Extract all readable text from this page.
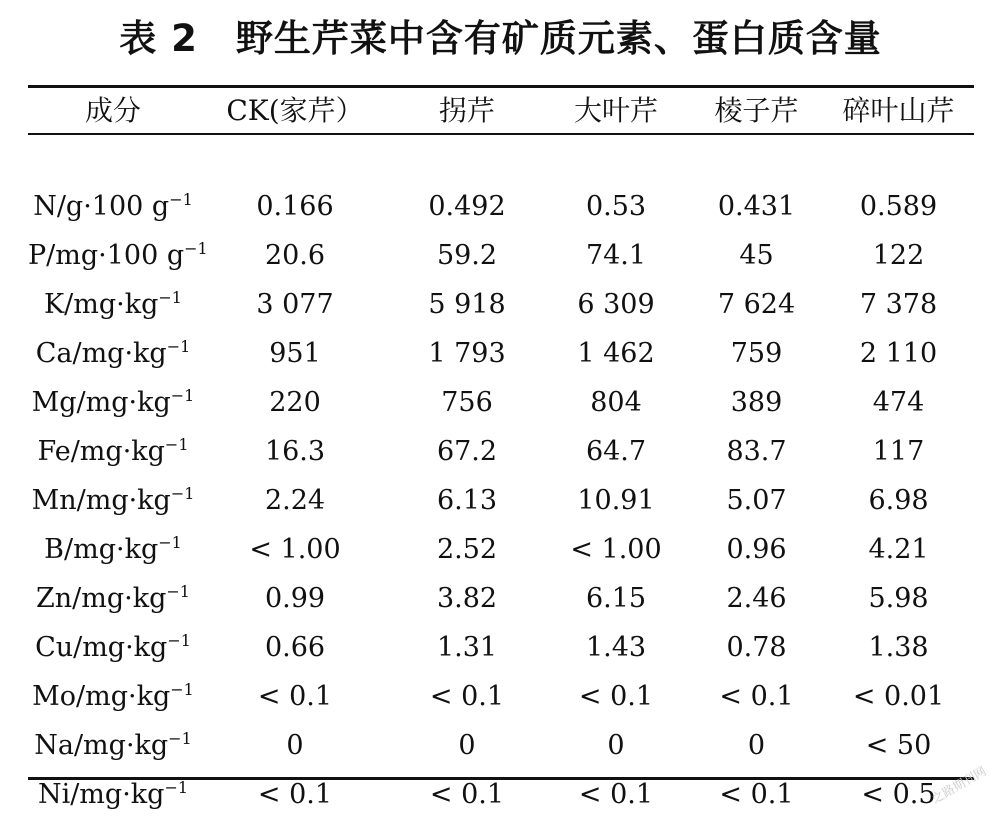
表 2　野生芹菜中含有矿质元素、蛋白质含量
成分	CK(家芹）	拐芹	大叶芹	棱子芹	碎叶山芹

N/g·100 $g^{-1}$	0.166	0.492	0.53	0.431	0.589
P/mg·100 $g^{-1}$	20.6	59.2	74.1	45	122
$K/mg\cdot kg^{-1}$	3 077	5 918	6 309	7 624	7 378
$Ca/mg\cdot kg^{-1}$	951	1 793	1 462	759	2 110
$Mg/mg\cdot kg^{-1}$	220	756	804	389	474
$Fe/mg\cdot kg^{-1}$	16.3	67.2	64.7	83.7	117
$Mn/mg\cdot kg^{-1}$	2.24	6.13	10.91	5.07	6.98
$B/mg\cdot kg^{-1}$	< 1.00	2.52	< 1.00	0.96	4.21
$Zn/mg\cdot kg^{-1}$	0.99	3.82	6.15	2.46	5.98
$Cu/mg\cdot kg^{-1}$	0.66	1.31	1.43	0.78	1.38
$Mo/mg\cdot kg^{-1}$	< 0.1	< 0.1	< 0.1	< 0.1	< 0.01
$Na/mg\cdot kg^{-1}$	0	0	0	0	< 50
$Ni/mg\cdot kg^{-1}$	< 0.1	< 0.1	< 0.1	< 0.1	< 0.5
之路期刊网
